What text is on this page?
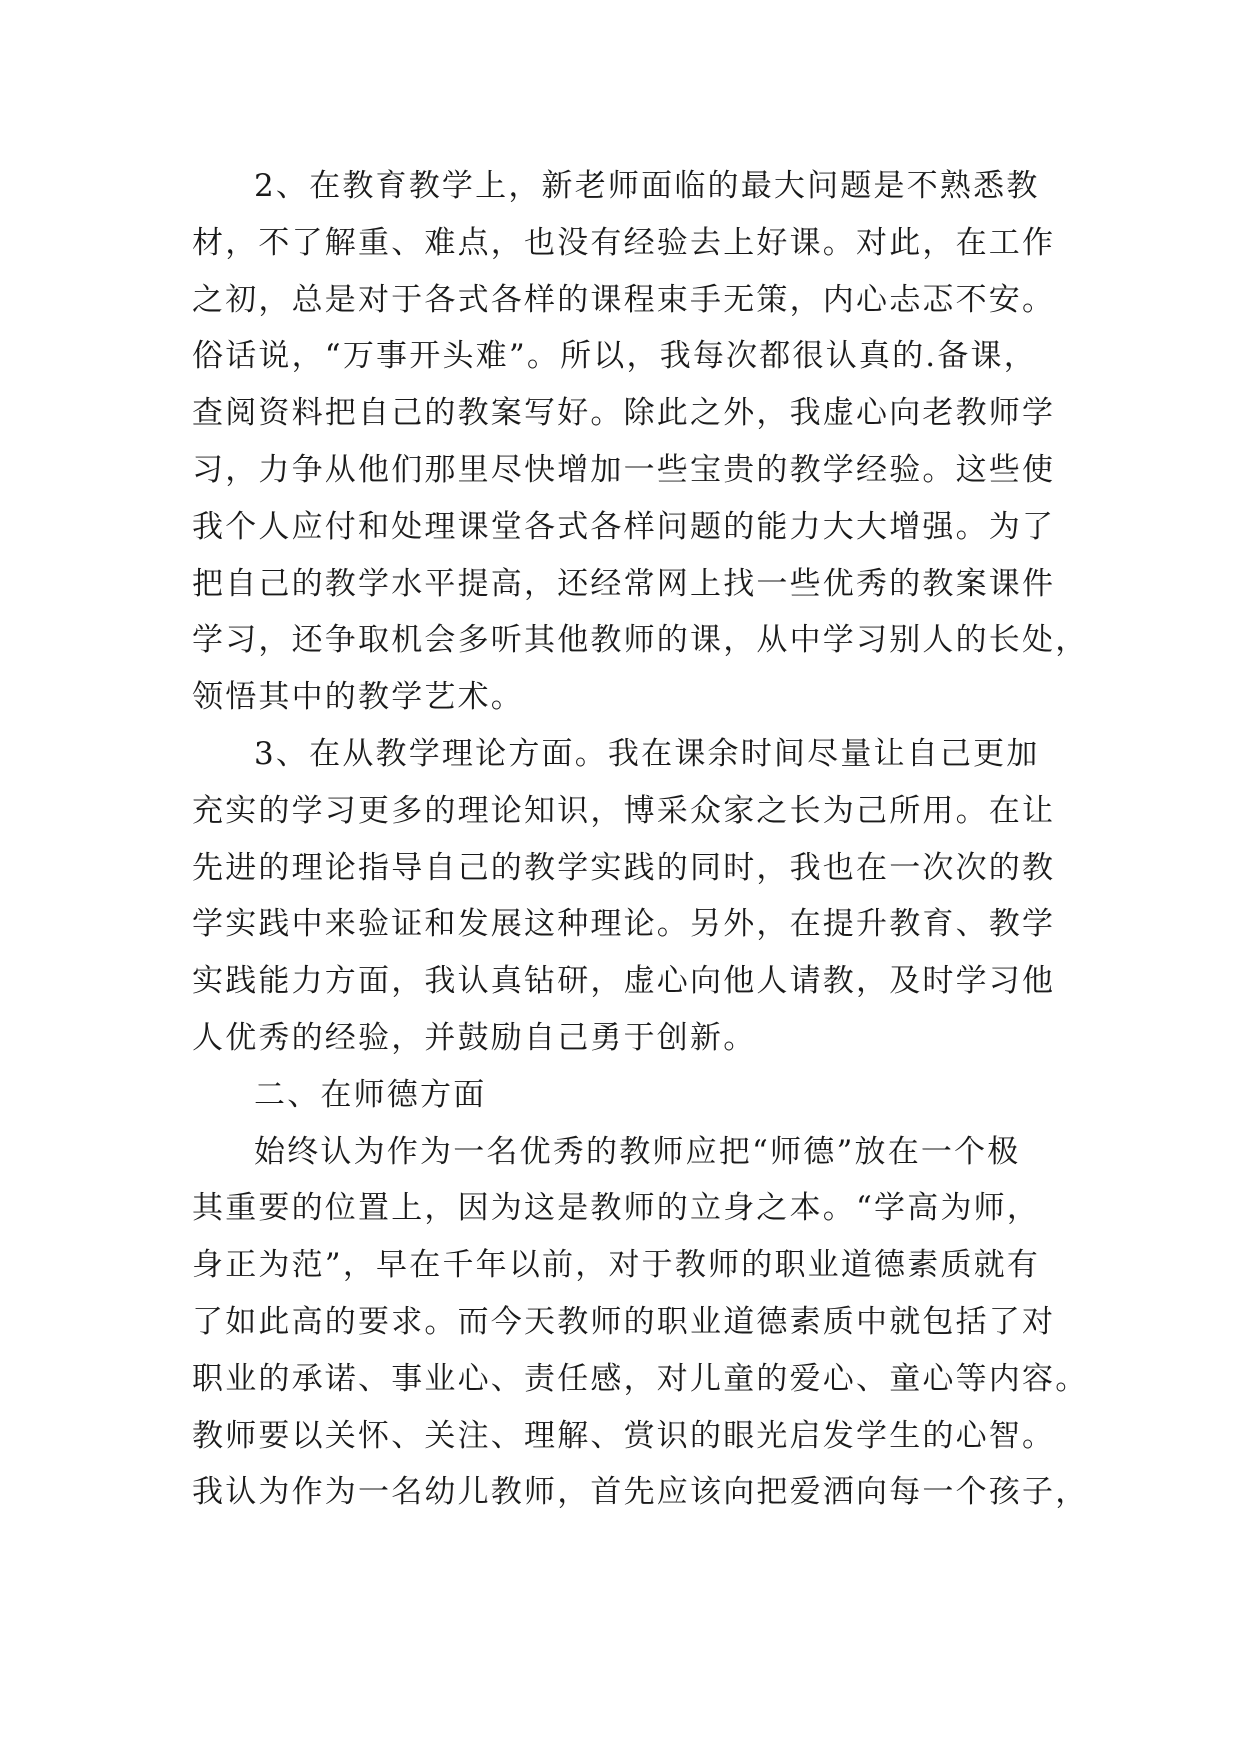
2、在教育教学上，新老师面临的最大问题是不熟悉教
材，不了解重、难点，也没有经验去上好课。对此，在工作
之初，总是对于各式各样的课程束手无策，内心忐忑不安。
俗话说，“万事开头难”。所以，我每次都很认真的.备课，
查阅资料把自己的教案写好。除此之外，我虚心向老教师学
习，力争从他们那里尽快增加一些宝贵的教学经验。这些使
我个人应付和处理课堂各式各样问题的能力大大增强。为了
把自己的教学水平提高，还经常网上找一些优秀的教案课件
学习，还争取机会多听其他教师的课，从中学习别人的长处，
领悟其中的教学艺术。
3、在从教学理论方面。我在课余时间尽量让自己更加
充实的学习更多的理论知识，博采众家之长为己所用。在让
先进的理论指导自己的教学实践的同时，我也在一次次的教
学实践中来验证和发展这种理论。另外，在提升教育、教学
实践能力方面，我认真钻研，虚心向他人请教，及时学习他
人优秀的经验，并鼓励自己勇于创新。
二、在师德方面
始终认为作为一名优秀的教师应把“师德”放在一个极
其重要的位置上，因为这是教师的立身之本。“学高为师，
身正为范”，早在千年以前，对于教师的职业道德素质就有
了如此高的要求。而今天教师的职业道德素质中就包括了对
职业的承诺、事业心、责任感，对儿童的爱心、童心等内容。
教师要以关怀、关注、理解、赏识的眼光启发学生的心智。
我认为作为一名幼儿教师，首先应该向把爱洒向每一个孩子，
